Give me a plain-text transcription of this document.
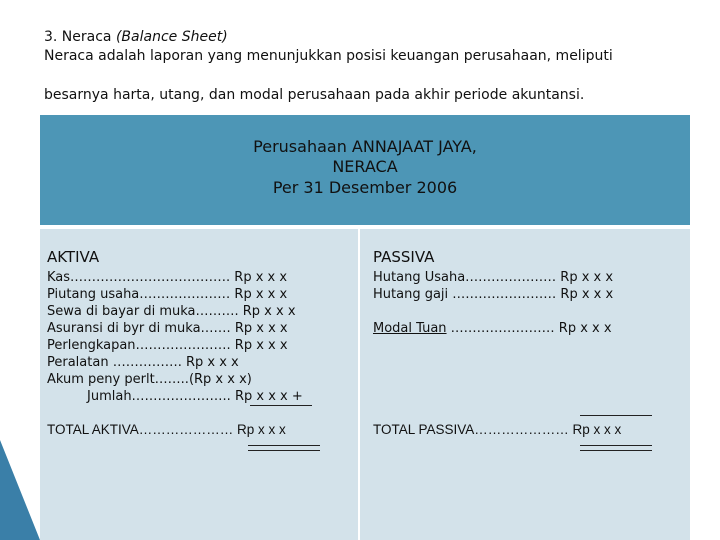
3. Neraca (Balance Sheet)
Neraca adalah laporan yang menunjukkan posisi keuangan perusahaan, meliputi
besarnya harta, utang, dan modal perusahaan pada akhir periode akuntansi.
Perusahaan ANNAJAAT JAYA,
NERACA
Per 31 Desember 2006
AKTIVA
Kas………………………………. Rp x x x
Piutang usaha………………… Rp x x x
Sewa di bayar di muka………. Rp x x x
Asuransi di byr di muka……. Rp x x x
Perlengkapan…………………. Rp x x x
Peralatan ……………. Rp x x x
Akum peny perlt……..(Rp x x x)
Jumlah………………….. Rp x x x +
TOTAL AKTIVA………………… Rp x x x
PASSIVA
Hutang Usaha………………… Rp x x x
Hutang gaji …………………… Rp x x x
Modal Tuan …………………… Rp x x x
TOTAL PASSIVA………………… Rp x x x
